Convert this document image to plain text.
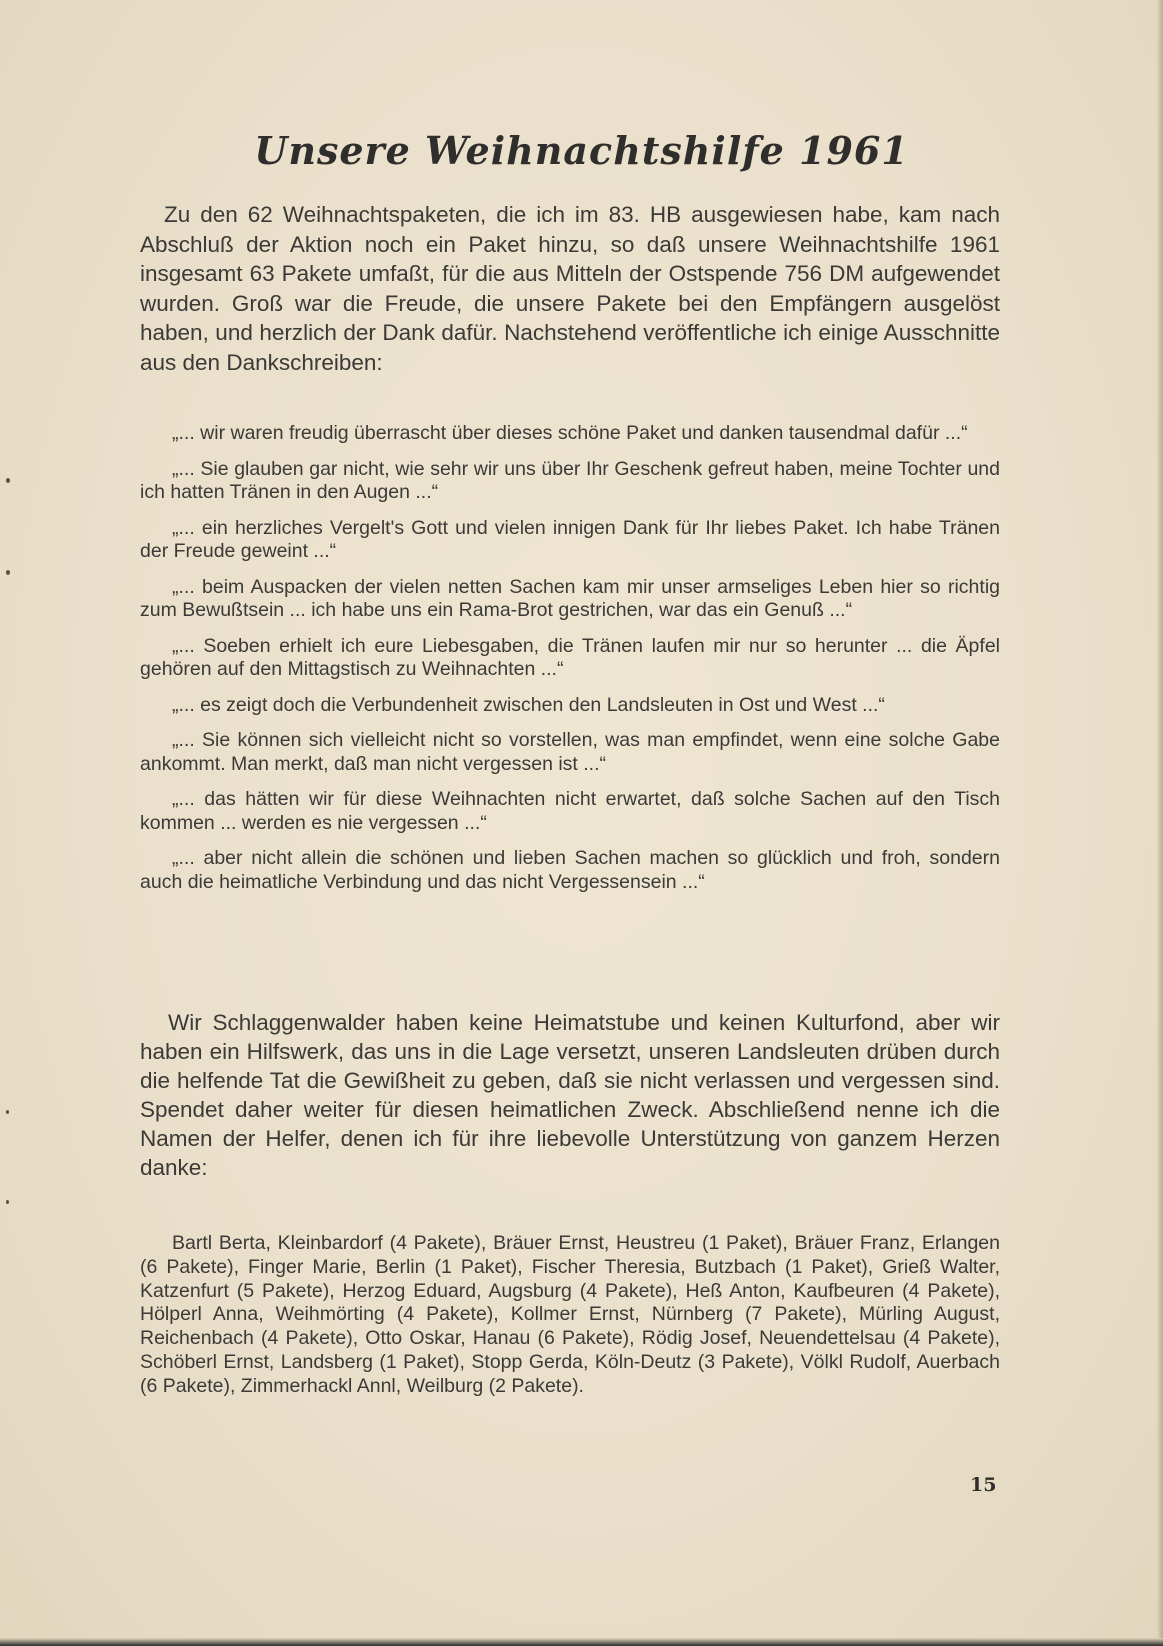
Unsere Weihnachtshilfe 1961

Zu den 62 Weihnachtspaketen, die ich im 83. HB ausgewiesen habe, kam nach Abschluß der Aktion noch ein Paket hinzu, so daß unsere Weihnachtshilfe 1961 insgesamt 63 Pakete umfaßt, für die aus Mitteln der Ostspende 756 DM aufgewendet wurden. Groß war die Freude, die unsere Pakete bei den Empfängern ausgelöst haben, und herzlich der Dank dafür. Nachstehend veröffentliche ich einige Ausschnitte aus den Dankschreiben:

„... wir waren freudig überrascht über dieses schöne Paket und danken tausendmal dafür ...“

„... Sie glauben gar nicht, wie sehr wir uns über Ihr Geschenk gefreut haben, meine Tochter und ich hatten Tränen in den Augen ...“

„... ein herzliches Vergelt's Gott und vielen innigen Dank für Ihr liebes Paket. Ich habe Tränen der Freude geweint ...“

„... beim Auspacken der vielen netten Sachen kam mir unser armseliges Leben hier so richtig zum Bewußtsein ... ich habe uns ein Rama-Brot gestrichen, war das ein Genuß ...“

„... Soeben erhielt ich eure Liebesgaben, die Tränen laufen mir nur so herunter ... die Äpfel gehören auf den Mittagstisch zu Weihnachten ...“

„... es zeigt doch die Verbundenheit zwischen den Landsleuten in Ost und West ...“

„... Sie können sich vielleicht nicht so vorstellen, was man empfindet, wenn eine solche Gabe ankommt. Man merkt, daß man nicht vergessen ist ...“

„... das hätten wir für diese Weihnachten nicht erwartet, daß solche Sachen auf den Tisch kommen ... werden es nie vergessen ...“

„... aber nicht allein die schönen und lieben Sachen machen so glücklich und froh, sondern auch die heimatliche Verbindung und das nicht Vergessensein ...“

Wir Schlaggenwalder haben keine Heimatstube und keinen Kulturfond, aber wir haben ein Hilfswerk, das uns in die Lage versetzt, unseren Landsleuten drüben durch die helfende Tat die Gewißheit zu geben, daß sie nicht verlassen und vergessen sind. Spendet daher weiter für diesen heimatlichen Zweck. Abschließend nenne ich die Namen der Helfer, denen ich für ihre liebevolle Unterstützung von ganzem Herzen danke:

Bartl Berta, Kleinbardorf (4 Pakete), Bräuer Ernst, Heustreu (1 Paket), Bräuer Franz, Erlangen (6 Pakete), Finger Marie, Berlin (1 Paket), Fischer Theresia, Butzbach (1 Paket), Grieß Walter, Katzenfurt (5 Pakete), Herzog Eduard, Augsburg (4 Pakete), Heß Anton, Kaufbeuren (4 Pakete), Hölperl Anna, Weihmörting (4 Pakete), Kollmer Ernst, Nürnberg (7 Pakete), Mürling August, Reichenbach (4 Pakete), Otto Oskar, Hanau (6 Pakete), Rödig Josef, Neuendettelsau (4 Pakete), Schöberl Ernst, Landsberg (1 Paket), Stopp Gerda, Köln-Deutz (3 Pakete), Völkl Rudolf, Auerbach (6 Pakete), Zimmerhackl Annl, Weilburg (2 Pakete).

15
